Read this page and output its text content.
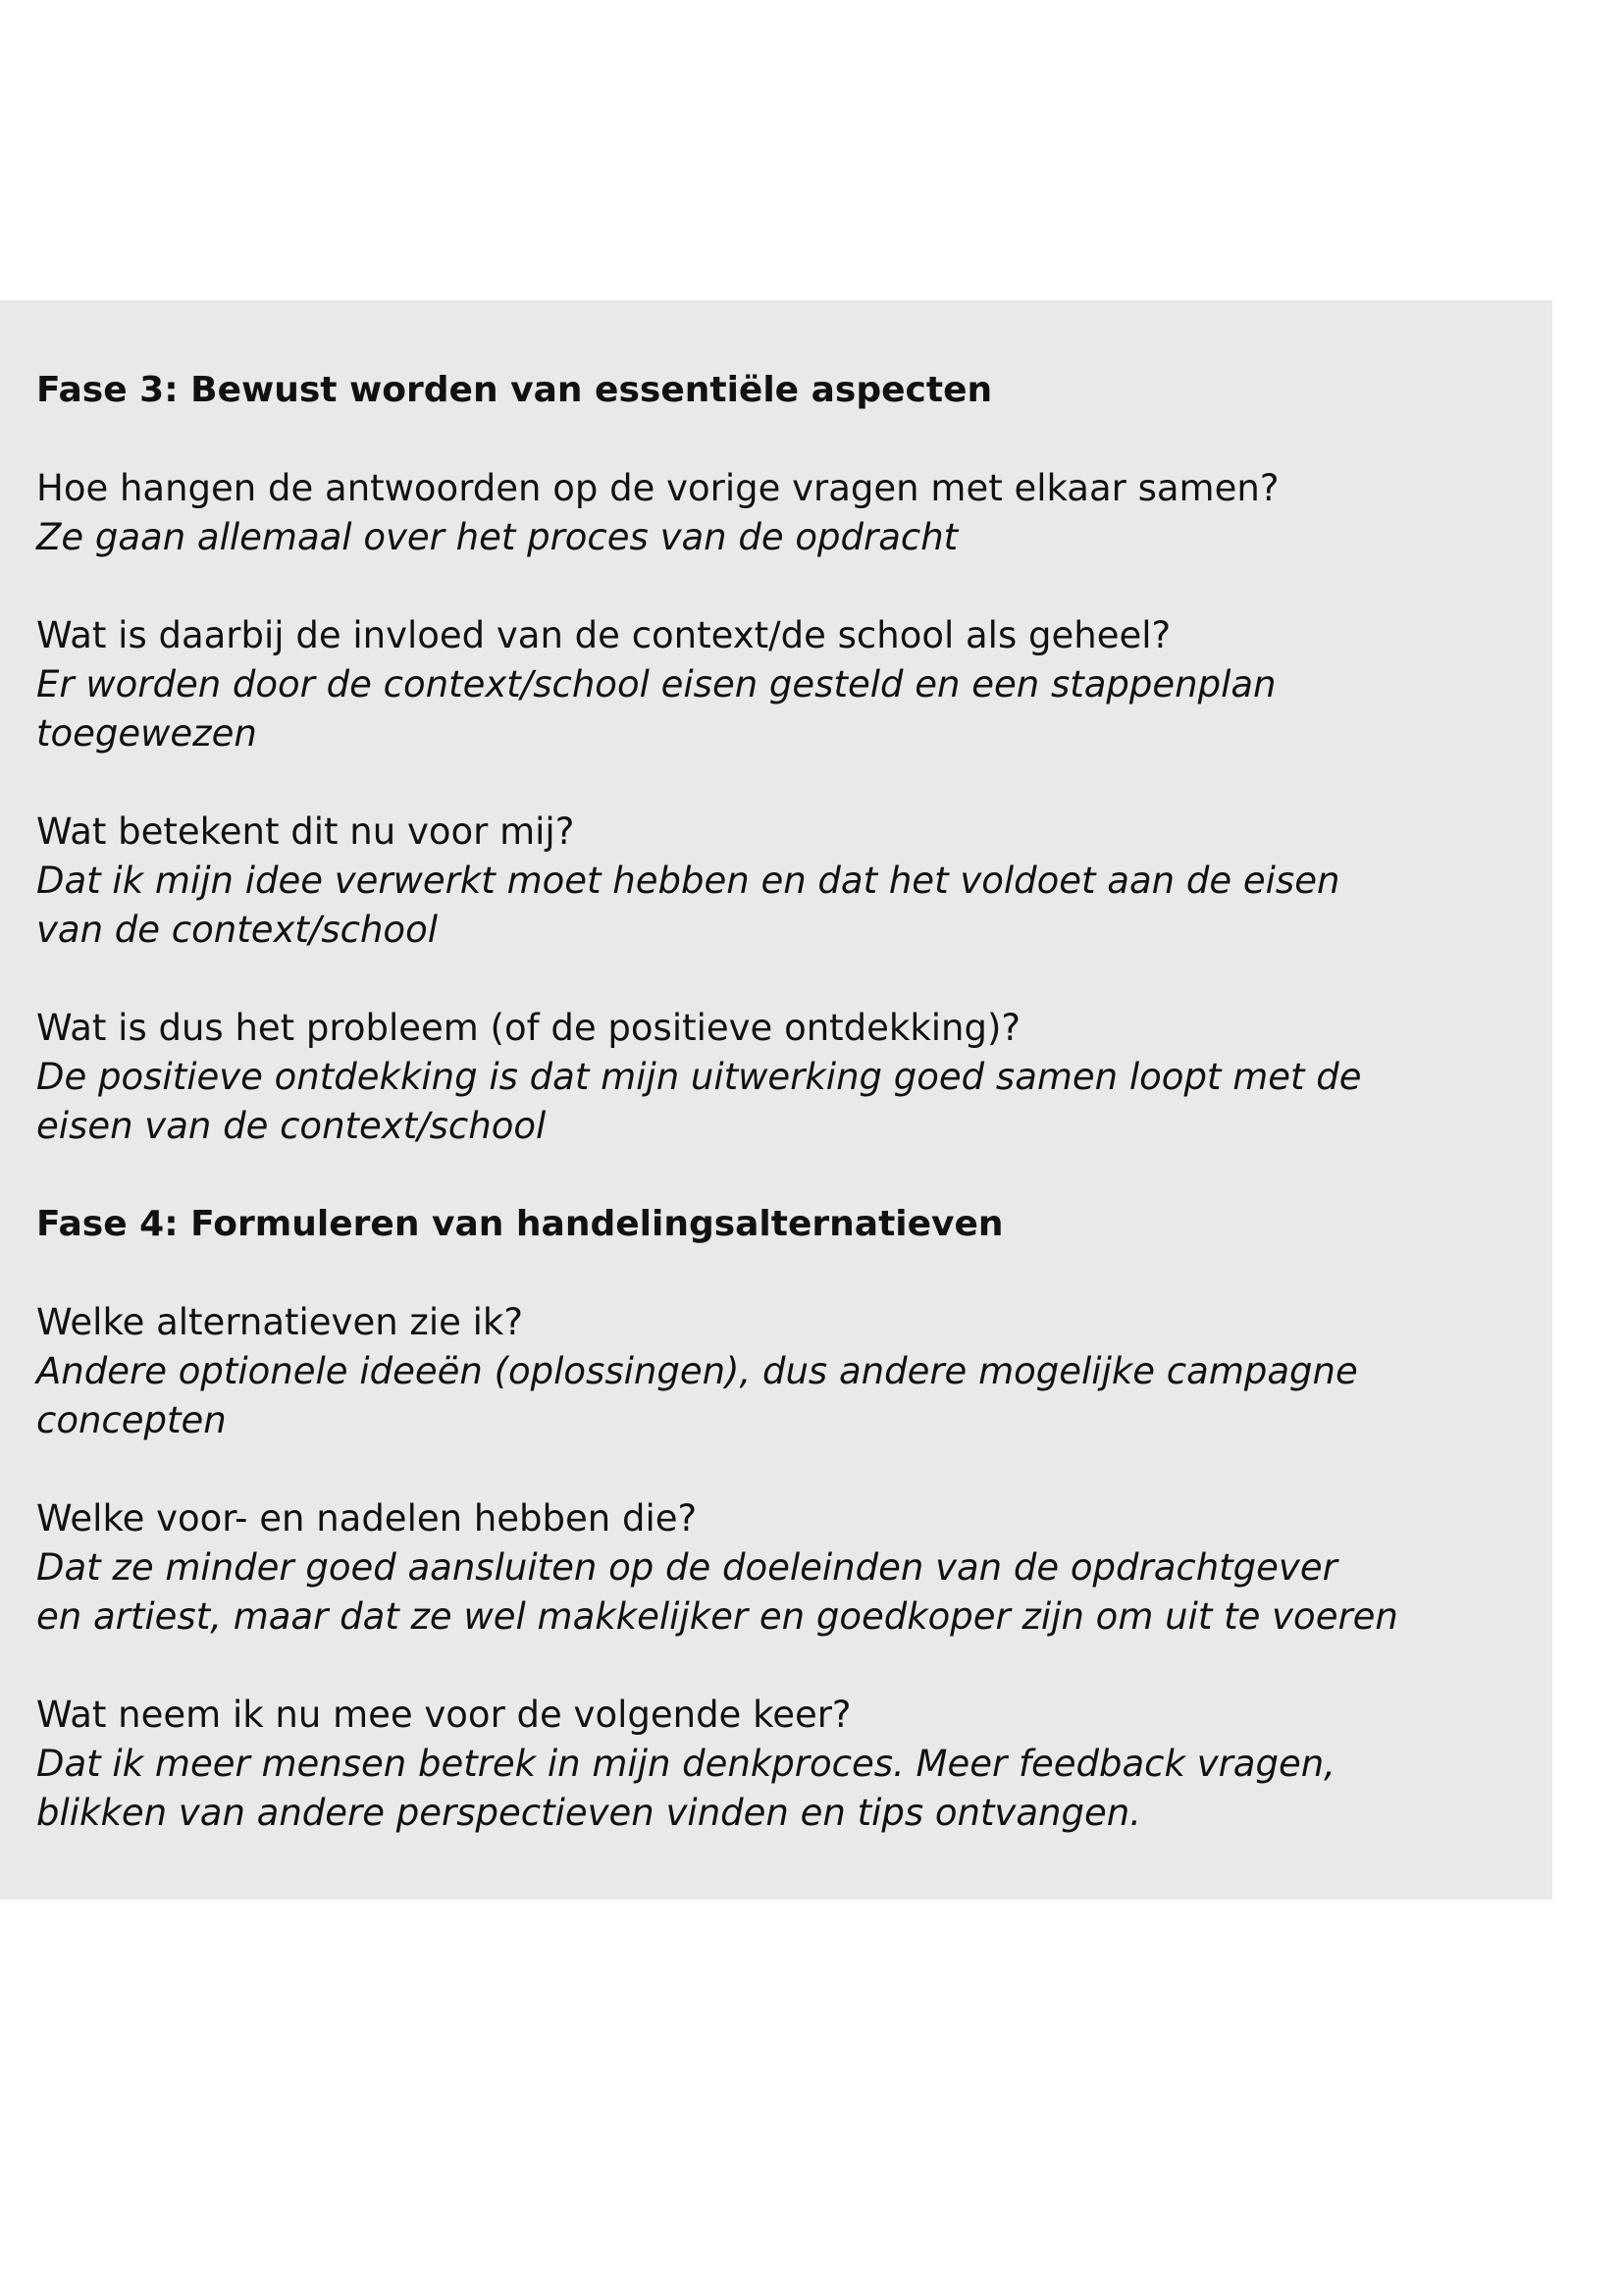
Fase 3: Bewust worden van essentiële aspecten

Hoe hangen de antwoorden op de vorige vragen met elkaar samen?

Ze gaan allemaal over het proces van de opdracht

Wat is daarbij de invloed van de context/de school als geheel?

Er worden door de context/school eisen gesteld en een stappenplan

toegewezen

Wat betekent dit nu voor mij?

Dat ik mijn idee verwerkt moet hebben en dat het voldoet aan de eisen

van de context/school

Wat is dus het probleem (of de positieve ontdekking)?

De positieve ontdekking is dat mijn uitwerking goed samen loopt met de

eisen van de context/school

Fase 4: Formuleren van handelingsalternatieven

Welke alternatieven zie ik?

Andere optionele ideeën (oplossingen), dus andere mogelijke campagne

concepten

Welke voor- en nadelen hebben die?

Dat ze minder goed aansluiten op de doeleinden van de opdrachtgever

en artiest, maar dat ze wel makkelijker en goedkoper zijn om uit te voeren

Wat neem ik nu mee voor de volgende keer?

Dat ik meer mensen betrek in mijn denkproces. Meer feedback vragen,

blikken van andere perspectieven vinden en tips ontvangen.
